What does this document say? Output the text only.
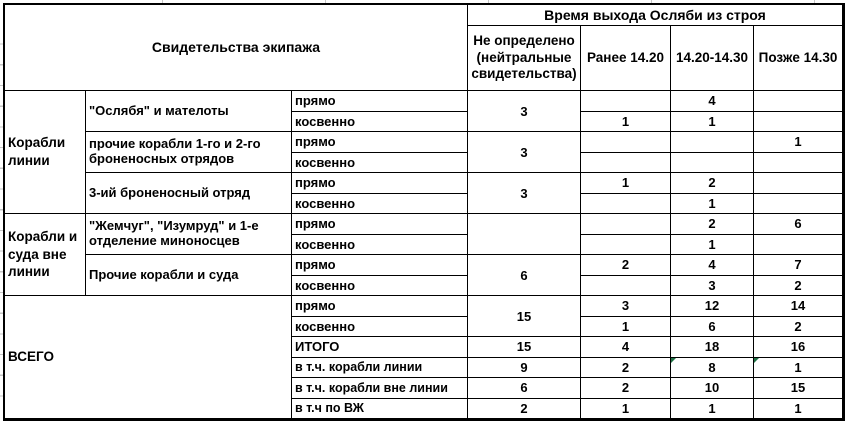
Свидетельства экипажа			Время выхода Осляби из строя			
			Не определено (нейтральные свидетельства)	Ранее 14.20	14.20-14.30	Позже 14.30
Корабли линии	"Ослябя" и мателоты	прямо	3		4	
		косвенно		1	1	
	прочие корабли 1-го и 2-го броненосных отрядов	прямо	3			1
		косвенно				
	3-ий броненосный отряд	прямо	3	1	2	
		косвенно			1	
Корабли и суда вне линии	"Жемчуг", "Изумруд" и 1-е отделение миноносцев	прямо			2	6
		косвенно			1	
	Прочие корабли и суда	прямо	6	2	4	7
		косвенно			3	2
ВСЕГО		прямо	15	3	12	14
		косвенно		1	6	2
		ИТОГО	15	4	18	16
		в т.ч. корабли линии	9	2	8	1
		в т.ч. корабли вне линии	6	2	10	15
		в т.ч по ВЖ	2	1	1	1
